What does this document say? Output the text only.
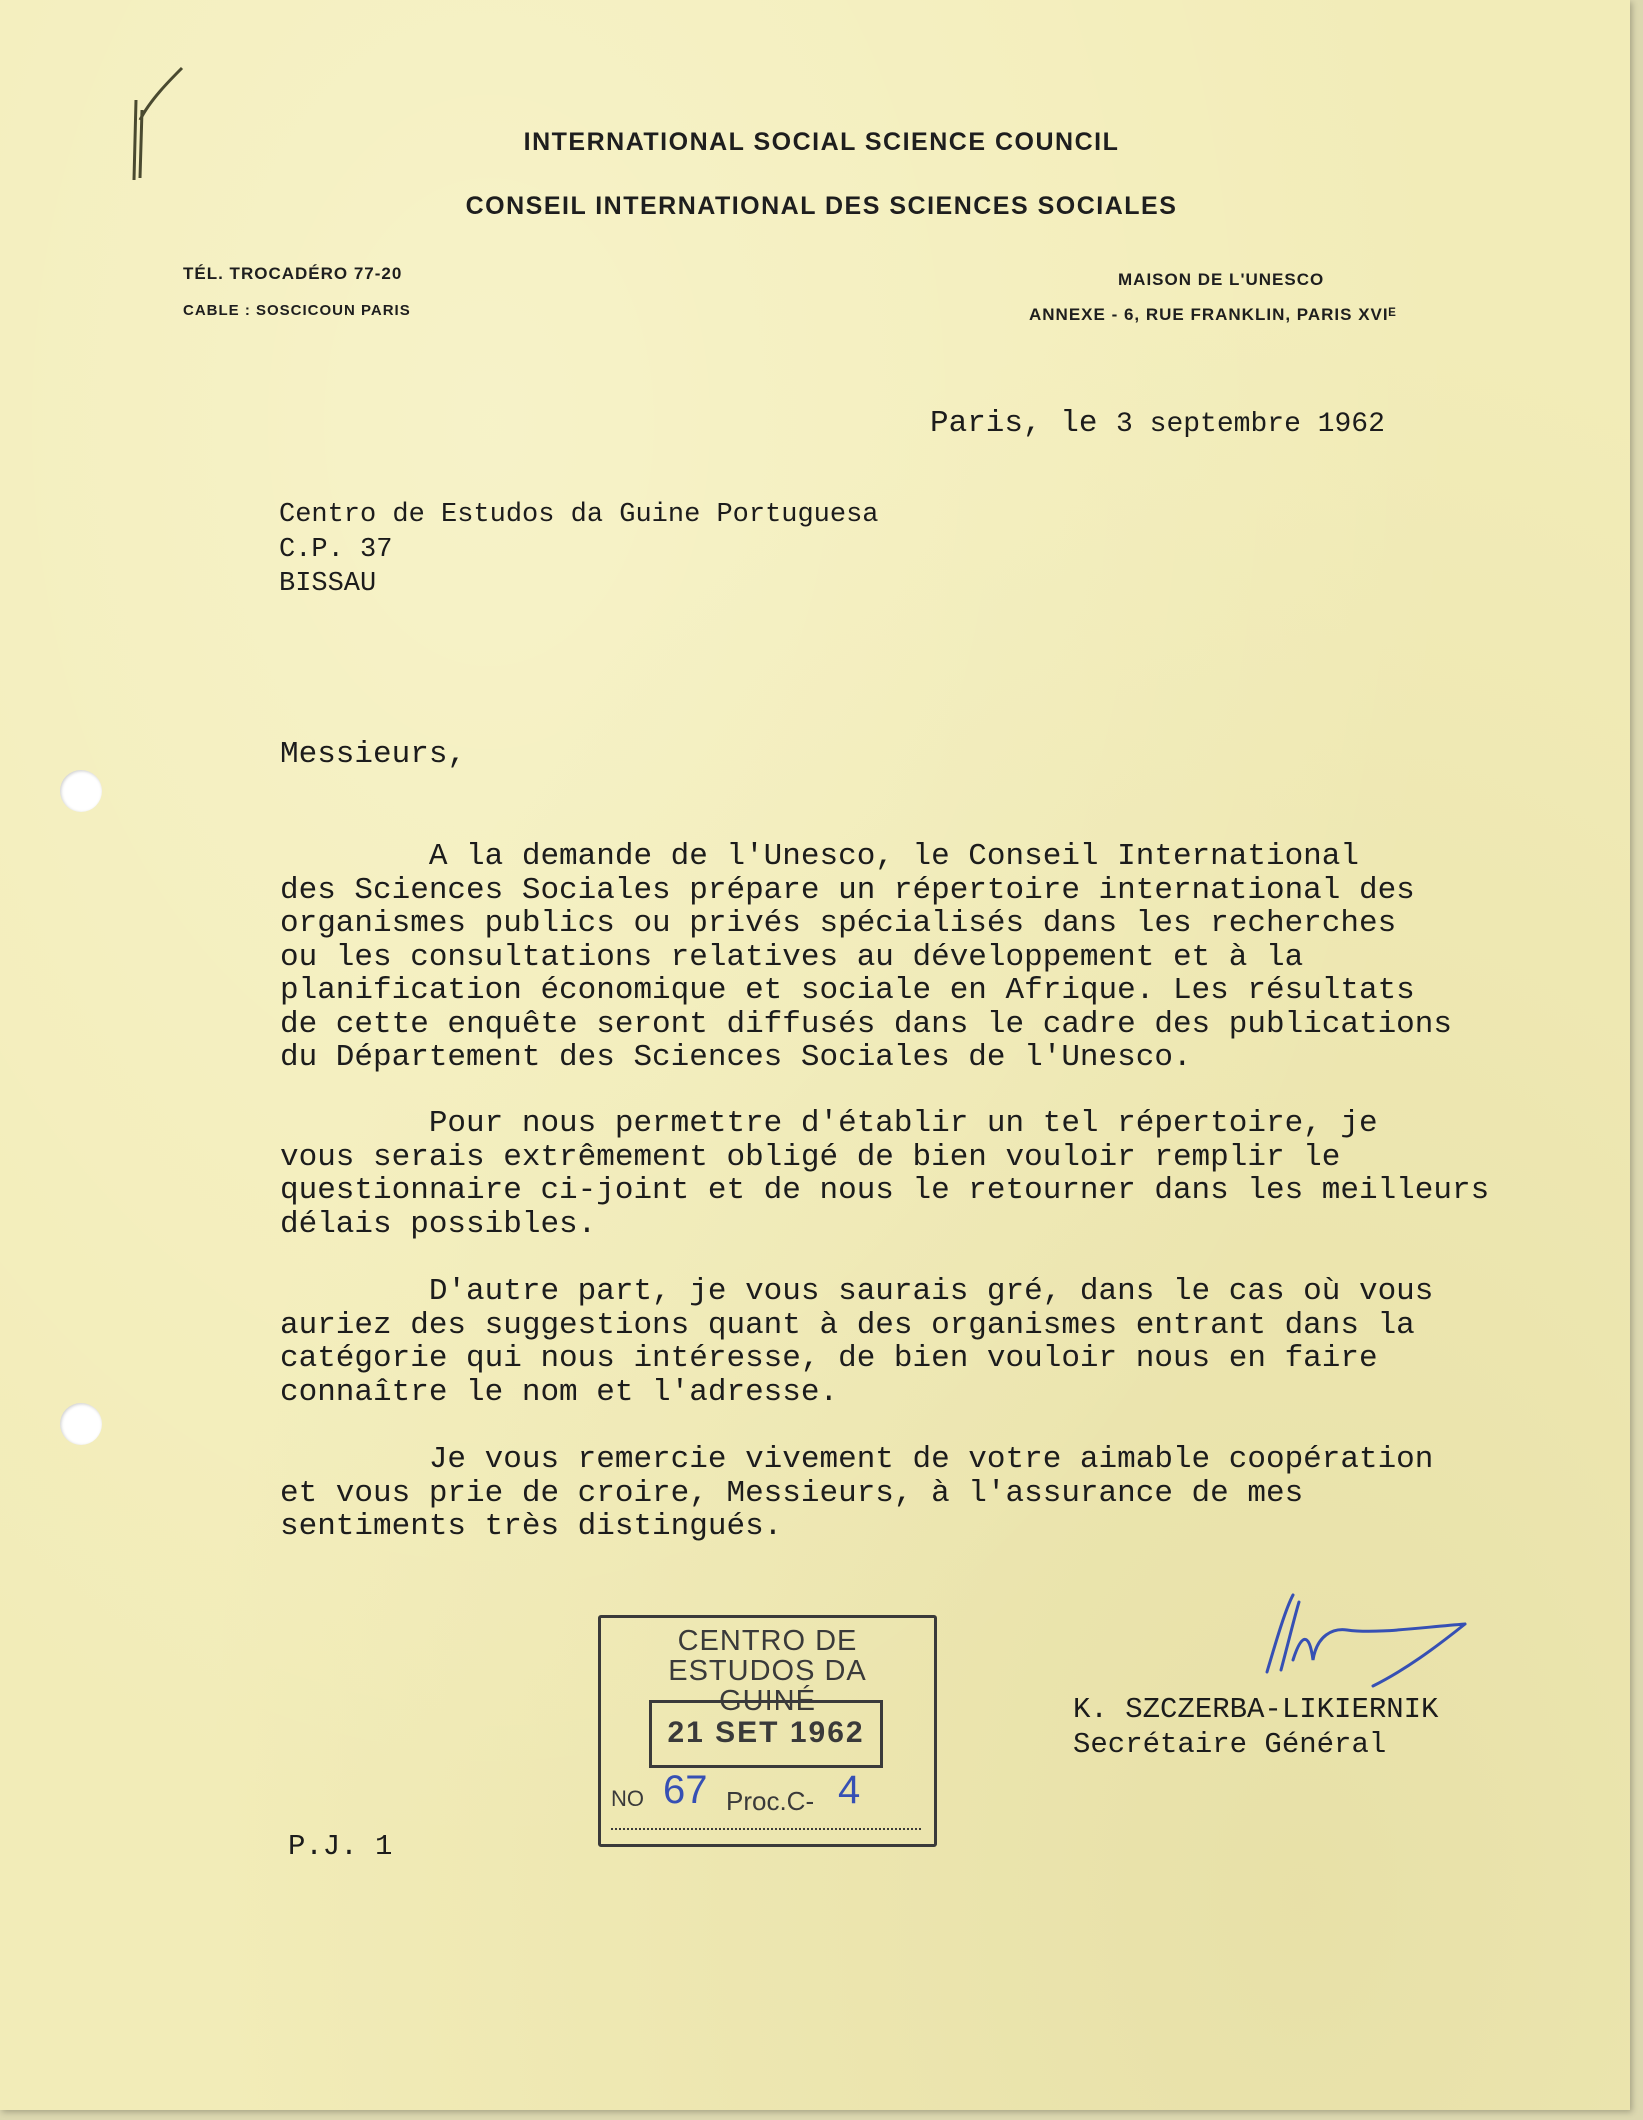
INTERNATIONAL SOCIAL SCIENCE COUNCIL
CONSEIL INTERNATIONAL DES SCIENCES SOCIALES
TÉL. TROCADÉRO 77-20
CABLE : SOSCICOUN PARIS
MAISON DE L'UNESCO
ANNEXE - 6, RUE FRANKLIN, PARIS XVIᴱ
Paris, le 3 septembre 1962
Centro de Estudos da Guine Portuguesa
C.P. 37
BISSAU
Messieurs,

A la demande de l'Unesco, le Conseil International

des Sciences Sociales prépare un répertoire international des

organismes publics ou privés spécialisés dans les recherches

ou les consultations relatives au développement et à la

planification économique et sociale en Afrique. Les résultats

de cette enquête seront diffusés dans le cadre des publications

du Département des Sciences Sociales de l'Unesco.

Pour nous permettre d'établir un tel répertoire, je

vous serais extrêmement obligé de bien vouloir remplir le

questionnaire ci-joint et de nous le retourner dans les meilleurs

délais possibles.

D'autre part, je vous saurais gré, dans le cas où vous

auriez des suggestions quant à des organismes entrant dans la

catégorie qui nous intéresse, de bien vouloir nous en faire

connaître le nom et l'adresse.

Je vous remercie vivement de votre aimable coopération

et vous prie de croire, Messieurs, à l'assurance de mes

sentiments très distingués.

K. SZCZERBA-LIKIERNIK
Secrétaire Général
CENTRO DE ESTUDOS DA
GUINÉ
21 SET 1962
NO 67 Proc.C- 4
P.J. 1
